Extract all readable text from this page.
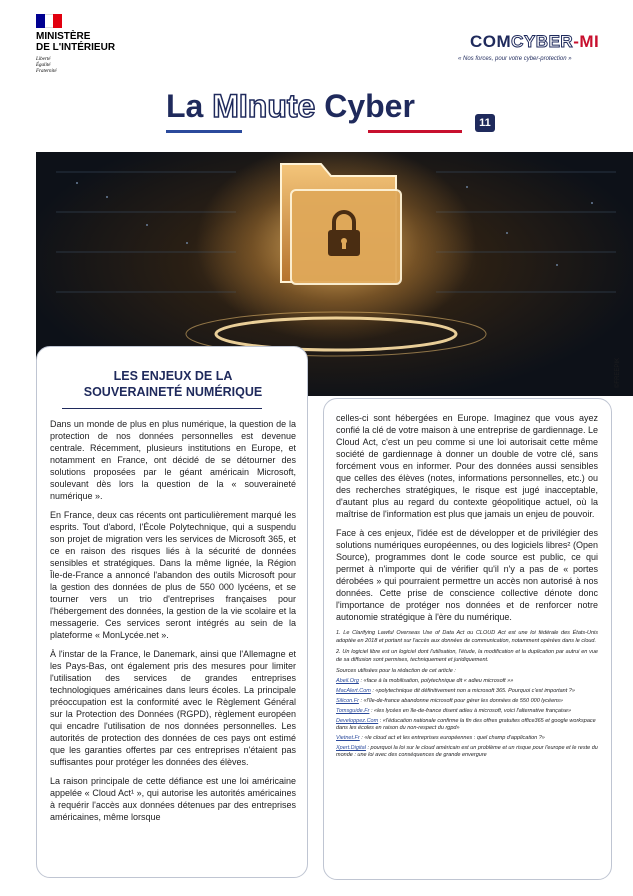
MINISTÈRE
DE L'INTÉRIEUR
Liberté
Égalité
Fraternité
COMCYBER-MI
« Nos forces, pour votre cyber-protection »
La MInute Cyber	11
©FREEPIK
LES ENJEUX DE LA
SOUVERAINETÉ NUMÉRIQUE

Dans un monde de plus en plus numérique, la question de la protection de nos données personnelles est devenue centrale. Récemment, plusieurs institutions en Europe, et notamment en France, ont décidé de se détourner des solutions proposées par le géant américain Microsoft, soulevant dès lors la question de la « souveraineté numérique ».

En France, deux cas récents ont particulièrement marqué les esprits. Tout d'abord, l'École Polytechnique, qui a suspendu son projet de migration vers les services de Microsoft 365, et ce en raison des risques liés à la sécurité de données sensibles et stratégiques. Dans la même lignée, la Région Île-de-France a annoncé l'abandon des outils Microsoft pour la gestion des données de plus de 550 000 lycéens, et se tourner vers un trio d'entreprises françaises pour l'hébergement des données, la gestion de la vie scolaire et la messagerie. Ces services seront intégrés au sein de la plateforme « MonLycée.net ».

À l'instar de la France, le Danemark, ainsi que l'Allemagne et les Pays-Bas, ont également pris des mesures pour limiter l'utilisation des services de grandes entreprises technologiques américaines dans leurs écoles. La principale préoccupation est la conformité avec le Règlement Général sur la Protection des Données (RGPD), règlement européen qui encadre l'utilisation de nos données personnelles. Les autorités de protection des données de ces pays ont estimé que les garanties offertes par ces entreprises n'étaient pas suffisantes pour protéger les données des élèves.

La raison principale de cette défiance est une loi américaine appelée « Cloud Act¹ », qui autorise les autorités américaines à requérir l'accès aux données détenues par des entreprises américaines, même lorsque

celles-ci sont hébergées en Europe. Imaginez que vous ayez confié la clé de votre maison à une entreprise de gardiennage. Le Cloud Act, c'est un peu comme si une loi autorisait cette même société de gardiennage à donner un double de votre clé, sans forcément vous en informer. Pour des données aussi sensibles que celles des élèves (notes, informations personnelles, etc.) ou des recherches stratégiques, le risque est jugé inacceptable, d'autant plus au regard du contexte géopolitique actuel, où la maîtrise de l'information est plus que jamais un enjeu de pouvoir.

Face à ces enjeux, l'idée est de développer et de privilégier des solutions numériques européennes, ou des logiciels libres² (Open Source), programmes dont le code source est public, ce qui permet à n'importe qui de vérifier qu'il n'y a pas de « portes dérobées » qui pourraient permettre un accès non autorisé à nos données. Cette prise de conscience collective dénote donc l'importance de protéger nos données et de renforcer notre autonomie stratégique à l'ère du numérique.

1. Le Clarifying Lawful Overseas Use of Data Act ou CLOUD Act est une loi fédérale des États-Unis adoptée en 2018 et portant sur l'accès aux données de communication, notamment opérées dans le cloud.

2. Un logiciel libre est un logiciel dont l'utilisation, l'étude, la modification et la duplication par autrui en vue de sa diffusion sont permises, techniquement et juridiquement.

Sources utilisées pour la rédaction de cet article :

Abeil.Org : «face à la mobilisation, polytechnique dit « adieu microsoft »»

MacAlert.Com : «polytechnique dit définitivement non a microsoft 365. Pourquoi c'est important ?»

Silicon.Fr : «l'île-de-france abandonne microsoft pour gérer les données de 550 000 lycéens»

Tomsguide.Fr : «les lycées en île-de-france disent adieu à microsoft, voici l'alternative française»

Developpez.Com : «l'éducation nationale confirme la fin des offres gratuites office365 et google workspace dans les écoles en raison du non-respect du rgpd»

Vietnet.Fr : «le cloud act et les entreprises européennes : quel champ d'application ?»

Xpert.Digital : pourquoi la loi sur le cloud américain est un problème et un risque pour l'europe et le reste du monde : une loi avec des conséquences de grande envergure
